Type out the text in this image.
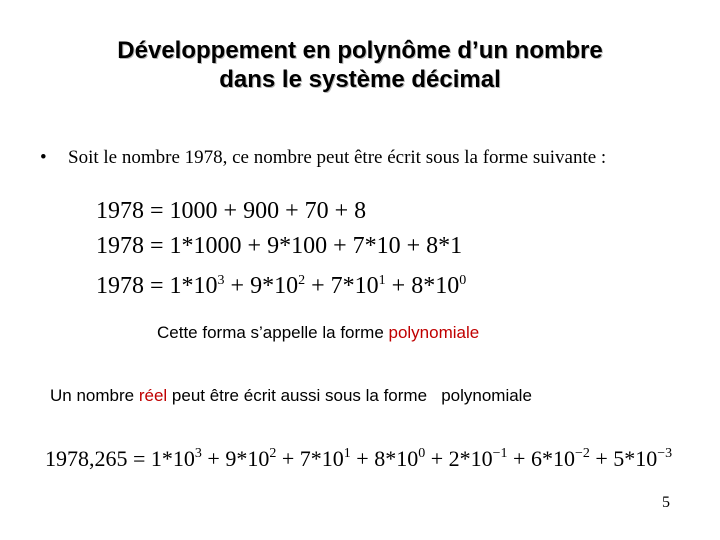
Développement en polynôme d’un nombre
dans le système décimal
• Soit le nombre 1978, ce nombre peut être écrit sous la forme suivante :
1978 = 1000 + 900 + 70 + 8
1978 = 1*1000 + 9*100 + 7*10 + 8*1
$1978 = 1*10^3 + 9*10^2 + 7*10^1 + 8*10^0$
Cette forma s’appelle la forme polynomiale
Un nombre réel peut être écrit aussi sous la forme   polynomiale
$1978,265 = 1*10^3 + 9*10^2 + 7*10^1 + 8*10^0 + 2*10^{-1} + 6*10^{-2} + 5*10^{-3}$
5
